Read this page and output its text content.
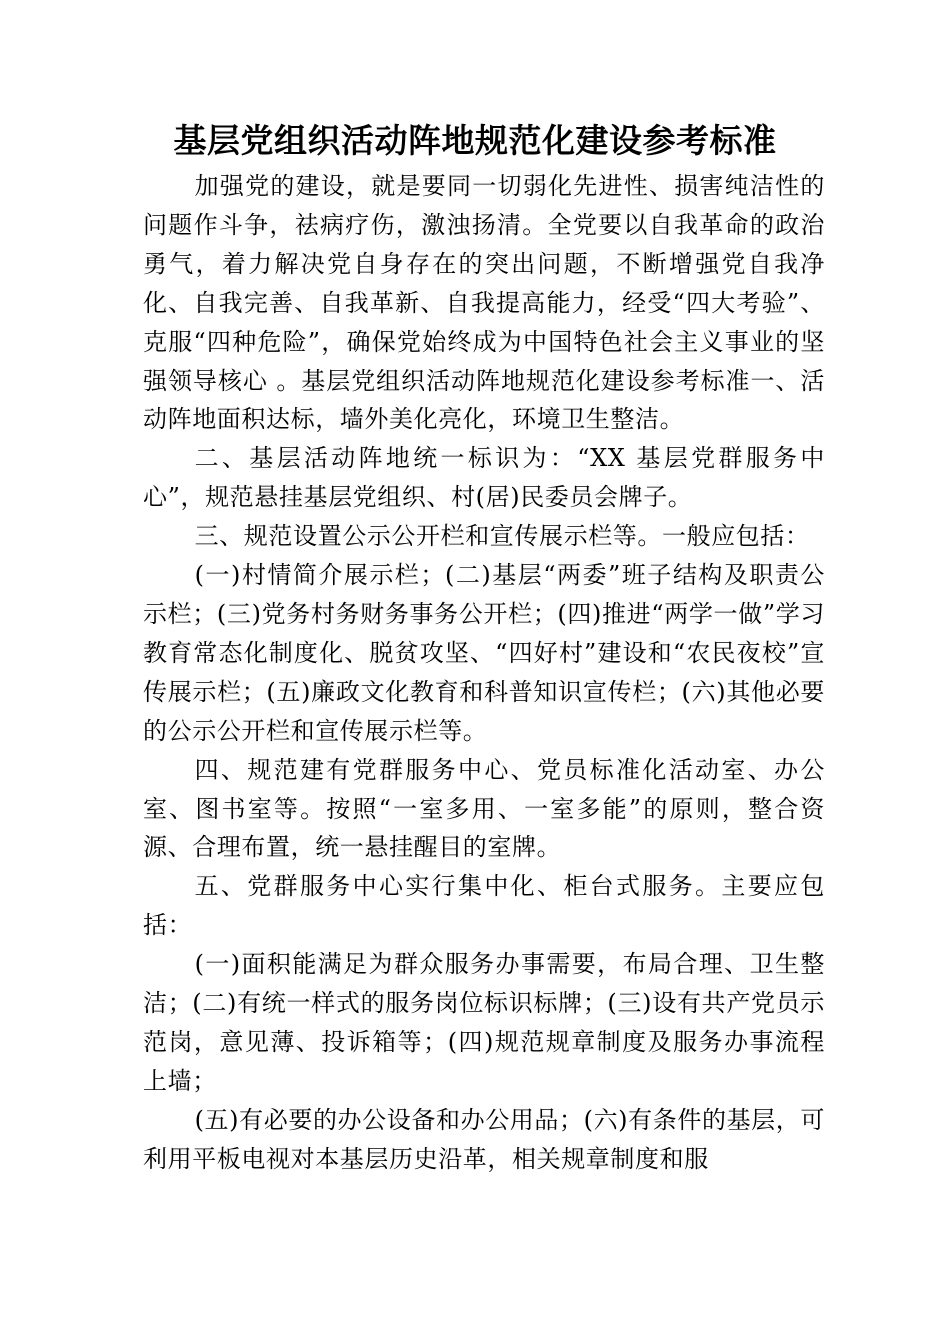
基层党组织活动阵地规范化建设参考标准

加强党的建设，就是要同一切弱化先进性、损害纯洁性的问题作斗争，祛病疗伤，激浊扬清。全党要以自我革命的政治勇气，着力解决党自身存在的突出问题，不断增强党自我净化、自我完善、自我革新、自我提高能力，经受“四大考验”、克服“四种危险”，确保党始终成为中国特色社会主义事业的坚强领导核心 。基层党组织活动阵地规范化建设参考标准一、活动阵地面积达标，墙外美化亮化，环境卫生整洁。

二、基层活动阵地统一标识为：“XX 基层党群服务中心”，规范悬挂基层党组织、村(居)民委员会牌子。

三、规范设置公示公开栏和宣传展示栏等。一般应包括：

(一)村情简介展示栏；(二)基层“两委”班子结构及职责公示栏；(三)党务村务财务事务公开栏；(四)推进“两学一做”学习教育常态化制度化、脱贫攻坚、“四好村”建设和“农民夜校”宣传展示栏；(五)廉政文化教育和科普知识宣传栏；(六)其他必要的公示公开栏和宣传展示栏等。

四、规范建有党群服务中心、党员标准化活动室、办公室、图书室等。按照“一室多用、一室多能”的原则，整合资源、合理布置，统一悬挂醒目的室牌。

五、党群服务中心实行集中化、柜台式服务。主要应包括：

(一)面积能满足为群众服务办事需要，布局合理、卫生整洁；(二)有统一样式的服务岗位标识标牌；(三)设有共产党员示范岗，意见薄、投诉箱等；(四)规范规章制度及服务办事流程上墙；

(五)有必要的办公设备和办公用品；(六)有条件的基层，可利用平板电视对本基层历史沿革，相关规章制度和服
